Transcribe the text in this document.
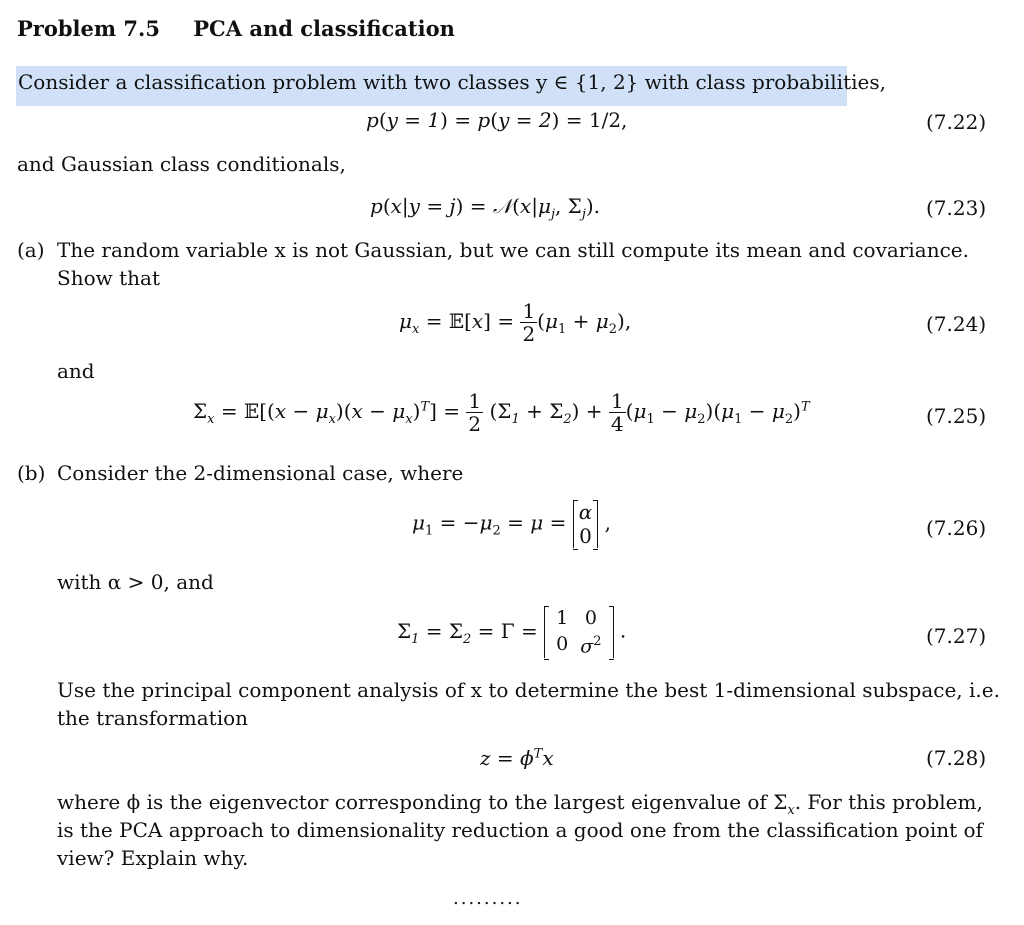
Problem 7.5 PCA and classification
Consider a classification problem with two classes y ∈ {1, 2} with class probabilities,
p(y = 1) = p(y = 2) = 1/2,	(7.22)
and Gaussian class conditionals,
$p(x|y = j) = 𝒩(x|\mu_j$, $\Sigma_j$).	(7.23)
(a) The random variable x is not Gaussian, but we can still compute its mean and covariance.
Show that
$\mu_x$ = 𝔼[x] = $\frac{1}{2} (\mu_1 + \mu_2)$,	(7.24)
and
$\Sigma_x$ = 𝔼[(x − $\mu_x)(x - \mu_x)^T] = \frac{1}{2} (\Sigma_1 + \Sigma_2) + \frac{1}{4} (\mu_1 - \mu_2)(\mu_1 - \mu_2)^T$	(7.25)
(b) Consider the 2-dimensional case, where
$\mu_1 = -\mu_2 = \mu = \alpha$
0 ,	(7.26)
with α > 0, and
$\Sigma_1 = \Sigma_2 = \Gamma$ =
1	0
0	$\sigma^2$ .	(7.27)
Use the principal component analysis of x to determine the best 1-dimensional subspace, i.e.
the transformation
$z = \phi^Tx$	(7.28)
where ϕ is the eigenvector corresponding to the largest eigenvalue of $\Sigma_x$. For this problem,
is the PCA approach to dimensionality reduction a good one from the classification point of
view? Explain why.
.........
